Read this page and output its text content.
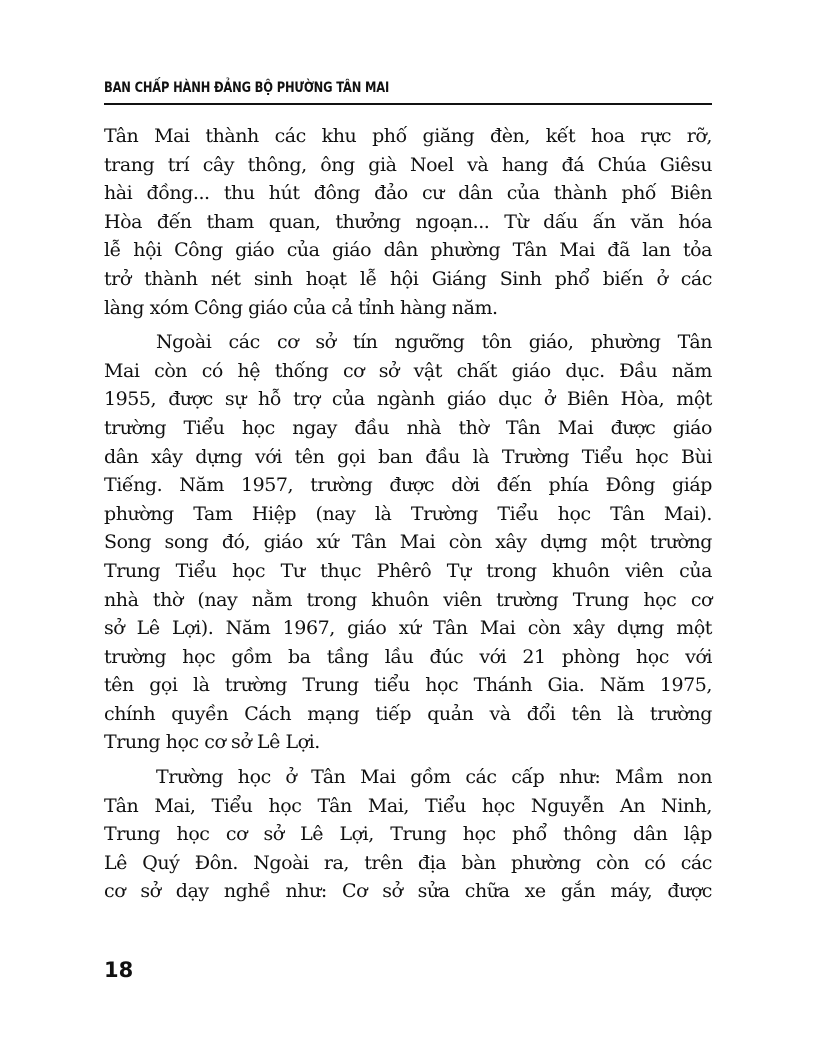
BAN CHẤP HÀNH ĐẢNG BỘ PHƯỜNG TÂN MAI

Tân Mai thành các khu phố giăng đèn, kết hoa rực rỡ,
trang trí cây thông, ông già Noel và hang đá Chúa Giêsu
hài đồng... thu hút đông đảo cư dân của thành phố Biên
Hòa đến tham quan, thưởng ngoạn... Từ dấu ấn văn hóa
lễ hội Công giáo của giáo dân phường Tân Mai đã lan tỏa
trở thành nét sinh hoạt lễ hội Giáng Sinh phổ biến ở các
làng xóm Công giáo của cả tỉnh hàng năm.

Ngoài các cơ sở tín ngưỡng tôn giáo, phường Tân
Mai còn có hệ thống cơ sở vật chất giáo dục. Đầu năm
1955, được sự hỗ trợ của ngành giáo dục ở Biên Hòa, một
trường Tiểu học ngay đầu nhà thờ Tân Mai được giáo
dân xây dựng với tên gọi ban đầu là Trường Tiểu học Bùi
Tiếng. Năm 1957, trường được dời đến phía Đông giáp
phường Tam Hiệp (nay là Trường Tiểu học Tân Mai).
Song song đó, giáo xứ Tân Mai còn xây dựng một trường
Trung Tiểu học Tư thục Phêrô Tự trong khuôn viên của
nhà thờ (nay nằm trong khuôn viên trường Trung học cơ
sở Lê Lợi). Năm 1967, giáo xứ Tân Mai còn xây dựng một
trường học gồm ba tầng lầu đúc với 21 phòng học với
tên gọi là trường Trung tiểu học Thánh Gia. Năm 1975,
chính quyền Cách mạng tiếp quản và đổi tên là trường
Trung học cơ sở Lê Lợi.

Trường học ở Tân Mai gồm các cấp như: Mầm non
Tân Mai, Tiểu học Tân Mai, Tiểu học Nguyễn An Ninh,
Trung học cơ sở Lê Lợi, Trung học phổ thông dân lập
Lê Quý Đôn. Ngoài ra, trên địa bàn phường còn có các
cơ sở dạy nghề như: Cơ sở sửa chữa xe gắn máy, được

18
